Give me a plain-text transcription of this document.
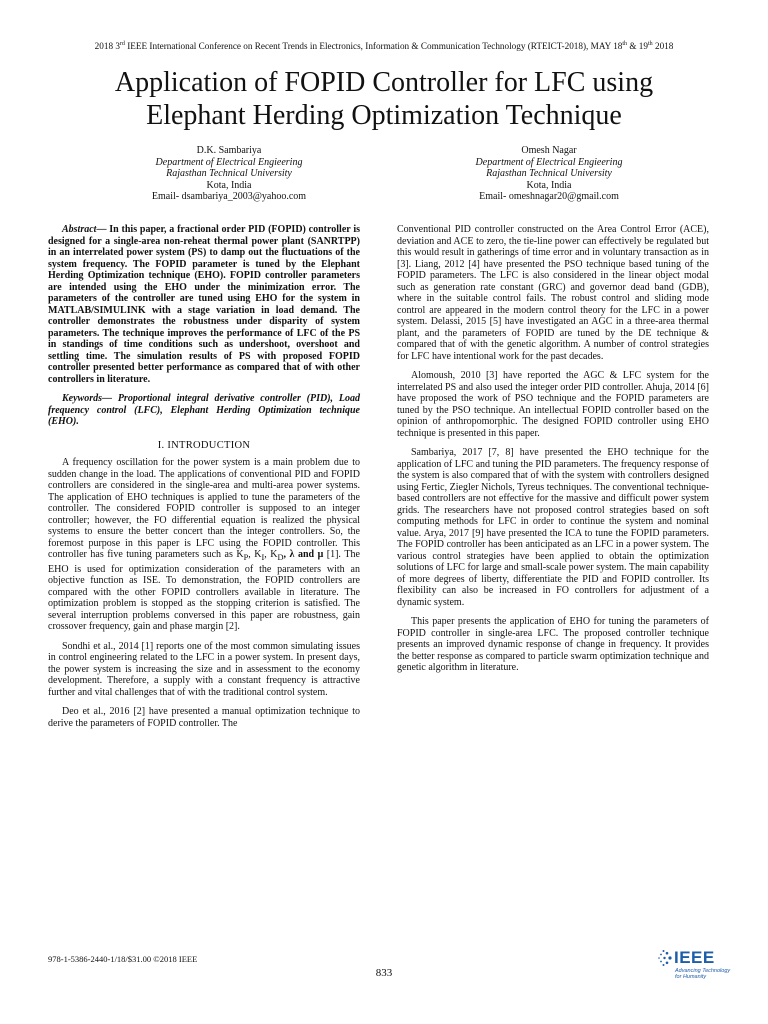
2018 3rd IEEE International Conference on Recent Trends in Electronics, Information & Communication Technology (RTEICT-2018), MAY 18th & 19th 2018
Application of FOPID Controller for LFC using
Elephant Herding Optimization Technique
D.K. Sambariya
Department of Electrical Engieering
Rajasthan Technical University
Kota, India
Email- dsambariya_2003@yahoo.com
Omesh Nagar
Department of Electrical Engieering
Rajasthan Technical University
Kota, India
Email- omeshnagar20@gmail.com

Abstract— In this paper, a fractional order PID (FOPID) controller is designed for a single-area non-reheat thermal power plant (SANRTPP) in an interrelated power system (PS) to damp out the fluctuations of the system frequency. The FOPID parameter is tuned by the Elephant Herding Optimization technique (EHO). FOPID controller parameters are intended using the EHO under the minimization error. The parameters of the controller are tuned using EHO for the system in MATLAB/SIMULINK with a stage variation in load demand. The controller demonstrates the robustness under disparity of system parameters. The technique improves the performance of LFC of the PS in standings of time conditions such as undershoot, overshoot and settling time. The simulation results of PS with proposed FOPID controller presented better performance as compared that of with other controllers in literature.

Keywords— Proportional integral derivative controller (PID), Load frequency control (LFC), Elephant Herding Optimization technique (EHO).

I. INTRODUCTION

A frequency oscillation for the power system is a main problem due to sudden change in the load. The applications of conventional PID and FOPID controllers are considered in the single-area and multi-area power systems. The application of EHO techniques is applied to tune the parameters of the controller. The considered FOPID controller is supposed to an integer controller; however, the FO differential equation is realized the physical systems to ensure the better concert than the integer controllers. So, the foremost purpose in this paper is LFC using the FOPID controller. This controller has five tuning parameters such as $K_P$, $K_I$, $K_D$, λ and μ [1]. The EHO is used for optimization consideration of the parameters with an objective function as ISE. To demonstration, the FOPID controllers are compared with the other FOPID controllers available in literature. The optimization problem is stopped as the stopping criterion is satisfied. The several interruption problems conversed in this paper are robustness, gain crossover frequency, gain and phase margin [2].

Sondhi et al., 2014 [1] reports one of the most common simulating issues in control engineering related to the LFC in a power system. In present days, the power system is increasing the size and in assessment to the economy development. Therefore, a supply with a constant frequency is attractive further and vital challenges that of with the traditional control system.

Deo et al., 2016 [2] have presented a manual optimization technique to derive the parameters of FOPID controller. The

Conventional PID controller constructed on the Area Control Error (ACE), deviation and ACE to zero, the tie-line power can effectively be regulated but this would result in gatherings of time error and in voluntary transaction as in [3]. Liang, 2012 [4] have presented the PSO technique based tuning of the FOPID parameters. The LFC is also considered in the linear object modal such as generation rate constant (GRC) and governor dead band (GDB), where in the suitable control fails. The robust control and sliding mode control are appeared in the modern control theory for the LFC in a power system. Delassi, 2015 [5] have investigated an AGC in a three-area thermal plant, and the parameters of FOPID are tuned by the DE technique & compared that of with the genetic algorithm. A number of control strategies for LFC have intentional work for the past decades.

Alomoush, 2010 [3] have reported the AGC & LFC system for the interrelated PS and also used the integer order PID controller. Ahuja, 2014 [6] have proposed the work of PSO technique and the FOPID parameters are tuned by the PSO technique. An intellectual FOPID controller based on the opinion of anthropomorphic. The designed FOPID controller using EHO technique is presented in this paper.

Sambariya, 2017 [7, 8] have presented the EHO technique for the application of LFC and tuning the PID parameters. The frequency response of the system is also compared that of with the system with controllers designed using Fertic, Ziegler Nichols, Tyreus techniques. The conventional technique-based controllers are not effective for the massive and difficult power system grids. The researchers have not proposed control strategies based on soft computing methods for LFC in order to continue the system and nominal value. Arya, 2017 [9] have presented the ICA to tune the FOPID parameters. The FOPID controller has been anticipated as an LFC in a power system. The various control strategies have been applied to obtain the optimization solutions of LFC for large and small-scale power system. The main capability of more degrees of liberty, differentiate the PID and FOPID controller. Its flexibility can also be increased in FO controllers for adjustment of a dynamic system.

This paper presents the application of EHO for tuning the parameters of FOPID controller in single-area LFC. The proposed controller technique presents an improved dynamic response of change in frequency. It provides the better response as compared to particle swarm optimization technique and genetic algorithm in literature.

978-1-5386-2440-1/18/$31.00 ©2018 IEEE
833
IEEE
Advancing Technology
for Humanity
